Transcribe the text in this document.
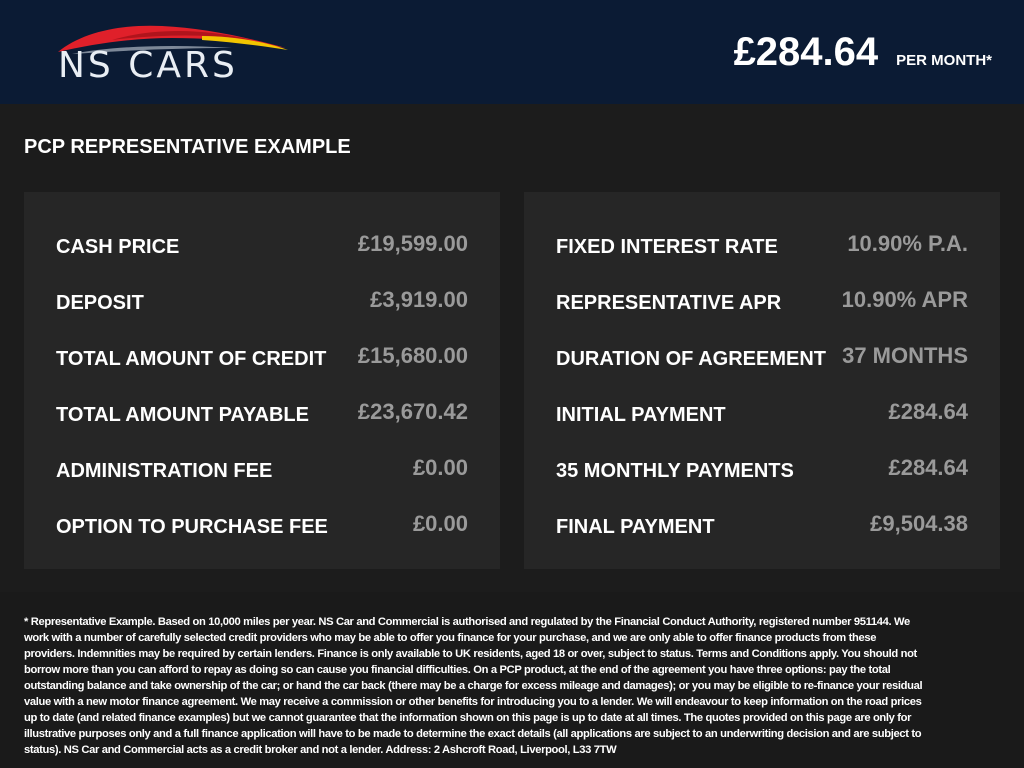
NS CARS	£284.64 PER MONTH*
PCP REPRESENTATIVE EXAMPLE
CASH PRICE	£19,599.00
DEPOSIT	£3,919.00
TOTAL AMOUNT OF CREDIT £15,680.00
TOTAL AMOUNT PAYABLE £23,670.42
ADMINISTRATION FEE	£0.00
OPTION TO PURCHASE FEE	£0.00
FIXED INTEREST RATE	10.90% P.A.
REPRESENTATIVE APR	10.90% APR
DURATION OF AGREEMENT 37 MONTHS
INITIAL PAYMENT	£284.64
35 MONTHLY PAYMENTS	£284.64
FINAL PAYMENT	£9,504.38
* Representative Example. Based on 10,000 miles per year. NS Car and Commercial is authorised and regulated by the Financial Conduct Authority, registered number 951144. We work with a number of carefully selected credit providers who may be able to offer you finance for your purchase, and we are only able to offer finance products from these providers. Indemnities may be required by certain lenders. Finance is only available to UK residents, aged 18 or over, subject to status. Terms and Conditions apply. You should not borrow more than you can afford to repay as doing so can cause you financial difficulties. On a PCP product, at the end of the agreement you have three options: pay the total outstanding balance and take ownership of the car; or hand the car back (there may be a charge for excess mileage and damages); or you may be eligible to re-finance your residual value with a new motor finance agreement. We may receive a commission or other benefits for introducing you to a lender. We will endeavour to keep information on the road prices up to date (and related finance examples) but we cannot guarantee that the information shown on this page is up to date at all times. The quotes provided on this page are only for illustrative purposes only and a full finance application will have to be made to determine the exact details (all applications are subject to an underwriting decision and are subject to status). NS Car and Commercial acts as a credit broker and not a lender. Address: 2 Ashcroft Road, Liverpool, L33 7TW
